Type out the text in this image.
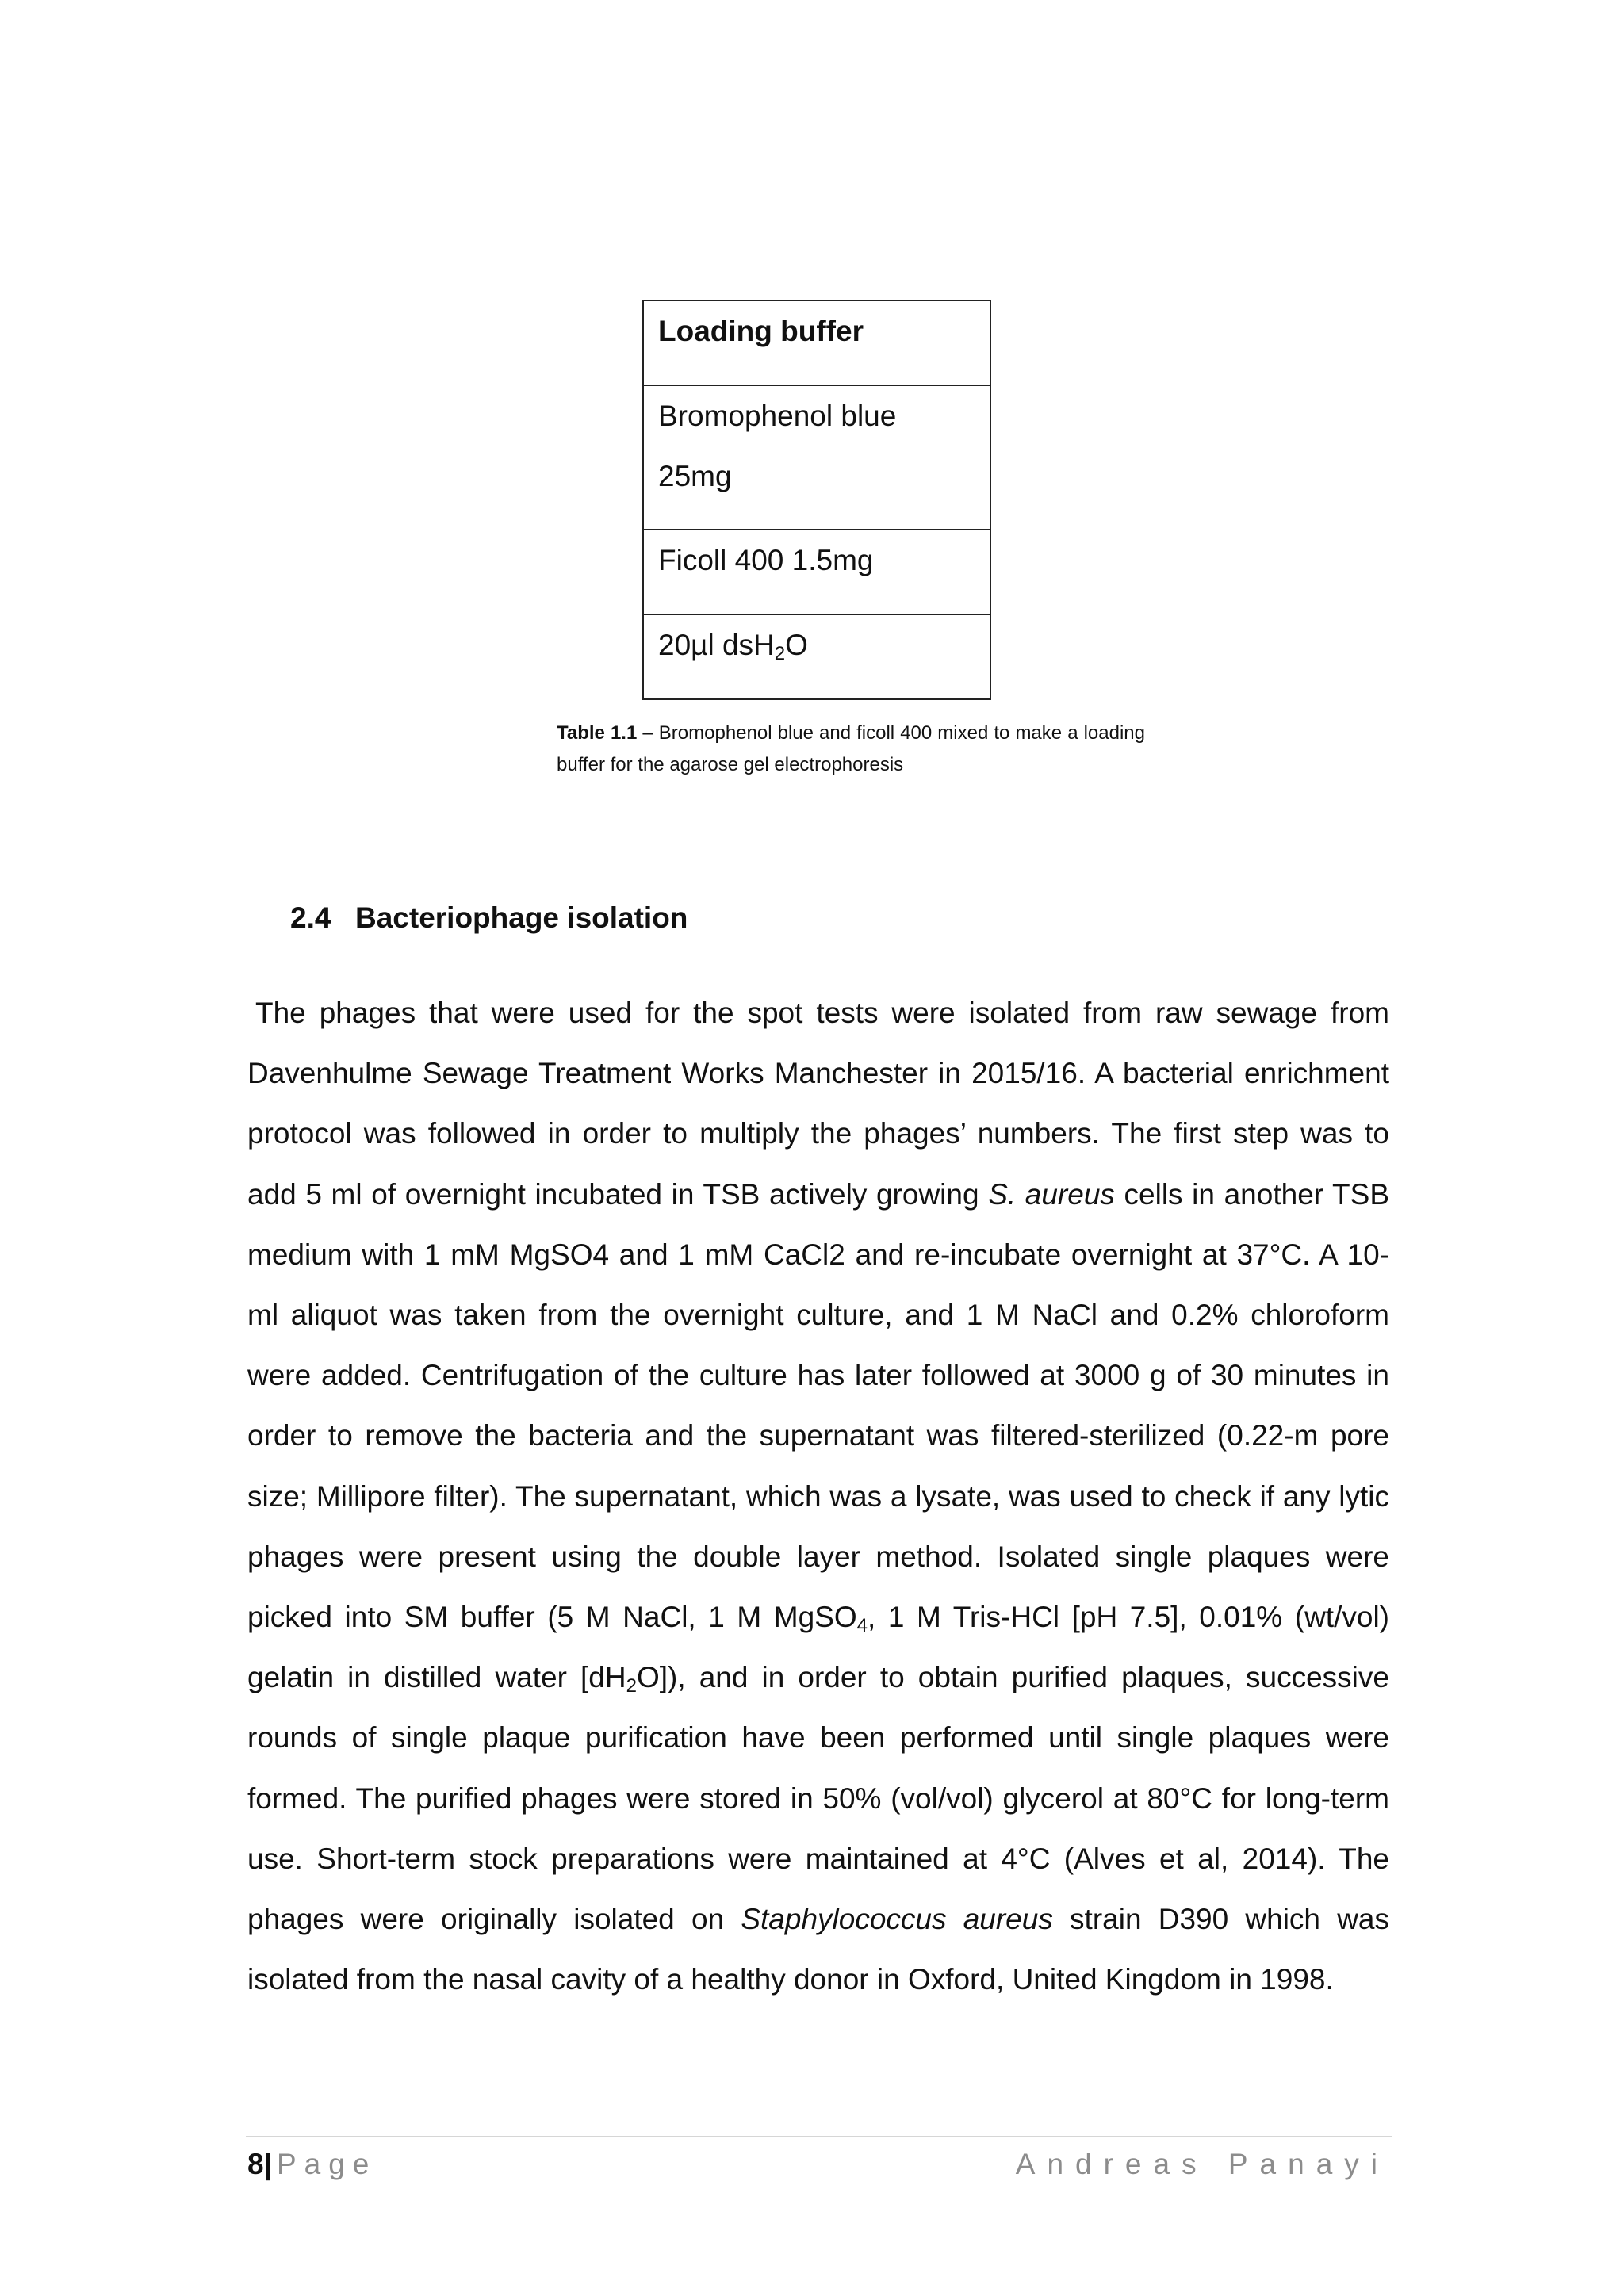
Loading buffer
Bromophenol blue
25mg
Ficoll 400 1.5mg
20µl dsH$_2$O
Table 1.1 – Bromophenol blue and ficoll 400 mixed to make a loading buffer for the agarose gel electrophoresis
2.4 Bacteriophage isolation

The phages that were used for the spot tests were isolated from raw sewage from Davenhulme Sewage Treatment Works Manchester in 2015/16. A bacterial enrichment protocol was followed in order to multiply the phages’ numbers. The first step was to add 5 ml of overnight incubated in TSB actively growing S. aureus cells in another TSB medium with 1 mM MgSO4 and 1 mM CaCl2 and re-incubate overnight at 37°C. A 10-ml aliquot was taken from the overnight culture, and 1 M NaCl and 0.2% chloroform were added. Centrifugation of the culture has later followed at 3000 g of 30 minutes in order to remove the bacteria and the supernatant was filtered-sterilized (0.22-m pore size; Millipore filter). The supernatant, which was a lysate, was used to check if any lytic phages were present using the double layer method. Isolated single plaques were picked into SM buffer (5 M NaCl, 1 M MgSO$_4$, 1 M Tris-HCl [pH 7.5], 0.01% (wt/vol) gelatin in distilled water $[dH_2O]$), and in order to obtain purified plaques, successive rounds of single plaque purification have been performed until single plaques were formed. The purified phages were stored in 50% (vol/vol) glycerol at 80°C for long-term use. Short-term stock preparations were maintained at 4°C (Alves et al, 2014). The phages were originally isolated on Staphylococcus aureus strain D390 which was isolated from the nasal cavity of a healthy donor in Oxford, United Kingdom in 1998.

8| Page	Andreas Panayi
